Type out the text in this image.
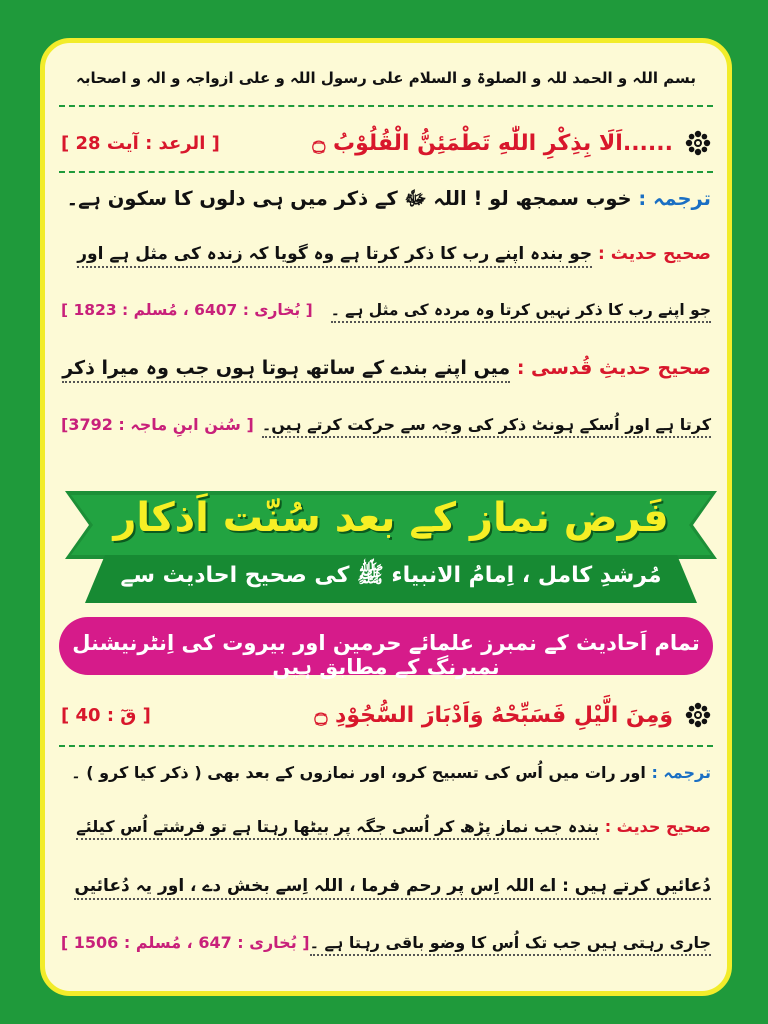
بسم اللہ و الحمد للہ و الصلوۃ و السلام علی رسول اللہ و علی ازواجہ و الہ و اصحابہ
......
اَلَا بِذِكْرِ اللّٰهِ تَطْمَئِنُّ الْقُلُوْبُ ۝
[ الرعد : آیت 28 ]
ترجمہ : خوب سمجھ لو ! اللہ ﷻ کے ذکر میں ہی دلوں کا سکون ہے۔
صحیح حدیث : جو بندہ اپنے رب کا ذکر کرتا ہے وہ گویا کہ زندہ کی مثل ہے اور
جو اپنے رب کا ذکر نہیں کرتا وہ مردہ کی مثل ہے ۔
[ بُخاری : 6407 ، مُسلم : 1823 ]
صحیح حدیثِ قُدسی : میں اپنے بندے کے ساتھ ہوتا ہوں جب وہ میرا ذکر
کرتا ہے اور اُسکے ہونٹ ذکر کی وجہ سے حرکت کرتے ہیں۔
[سُنن ابنِ ماجہ : 3792 ]
فَرض نماز کے بعد سُنّت اَذکار
مُرشدِ کامل ، اِمامُ الانبیاء ﷺ کی صحیح احادیث سے
تمام اَحادیث کے نمبرز علمائے حرمین اور بیروت کی اِنٹرنیشنل نمبرنگ کے مطابق ہیں
وَمِنَ الَّيْلِ فَسَبِّحْهُ وَاَدْبَارَ السُّجُوْدِ ۝
[ قٓ : 40 ]
ترجمہ : اور رات میں اُس کی تسبیح کرو، اور نمازوں کے بعد بھی ( ذکر کیا کرو ) ۔
صحیح حدیث : بندہ جب نماز پڑھ کر اُسی جگہ پر بیٹھا رہتا ہے تو فرشتے اُس کیلئے
دُعائیں کرتے ہیں : اے اللہ اِس پر رحم فرما ، اللہ اِسے بخش دے ، اور یہ دُعائیں
جاری رہتی ہیں جب تک اُس کا وضو باقی رہتا ہے ۔
[ بُخاری : 647 ، مُسلم : 1506 ]
